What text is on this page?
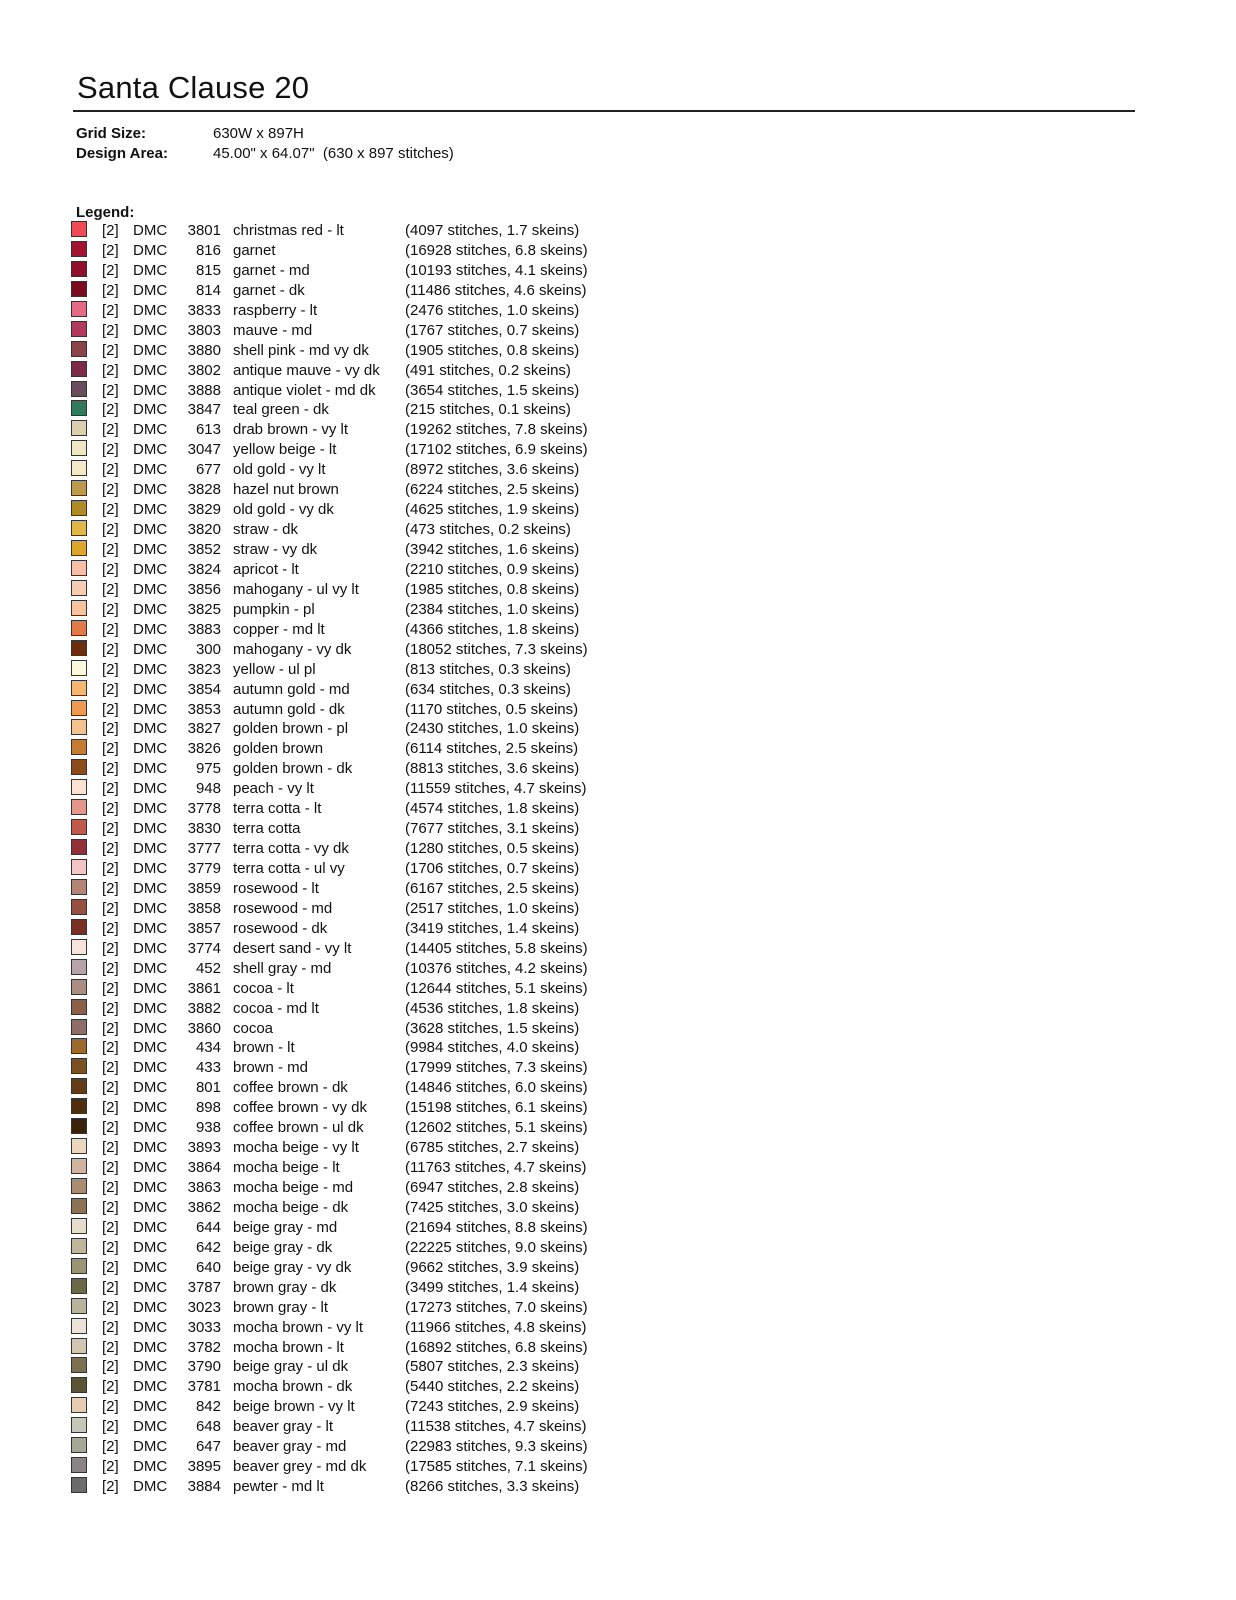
Santa Clause 20
Grid Size:	630W x 897H
Design Area:	45.00" x 64.07"  (630 x 897 stitches)
Legend:
[2] DMC	3801 christmas red - lt	(4097 stitches, 1.7 skeins)
[2] DMC	816 garnet	(16928 stitches, 6.8 skeins)
[2] DMC	815 garnet - md	(10193 stitches, 4.1 skeins)
[2] DMC	814 garnet - dk	(11486 stitches, 4.6 skeins)
[2] DMC	3833 raspberry - lt	(2476 stitches, 1.0 skeins)
[2] DMC	3803 mauve - md	(1767 stitches, 0.7 skeins)
[2] DMC	3880 shell pink - md vy dk (1905 stitches, 0.8 skeins)
[2] DMC	3802 antique mauve - vy dk (491 stitches, 0.2 skeins)
[2] DMC	3888 antique violet - md dk (3654 stitches, 1.5 skeins)
[2] DMC	3847 teal green - dk	(215 stitches, 0.1 skeins)
[2] DMC	613 drab brown - vy lt	(19262 stitches, 7.8 skeins)
[2] DMC	3047 yellow beige - lt	(17102 stitches, 6.9 skeins)
[2] DMC	677 old gold - vy lt	(8972 stitches, 3.6 skeins)
[2] DMC	3828 hazel nut brown	(6224 stitches, 2.5 skeins)
[2] DMC	3829 old gold - vy dk	(4625 stitches, 1.9 skeins)
[2] DMC	3820 straw - dk	(473 stitches, 0.2 skeins)
[2] DMC	3852 straw - vy dk	(3942 stitches, 1.6 skeins)
[2] DMC	3824 apricot - lt	(2210 stitches, 0.9 skeins)
[2] DMC	3856 mahogany - ul vy lt	(1985 stitches, 0.8 skeins)
[2] DMC	3825 pumpkin - pl	(2384 stitches, 1.0 skeins)
[2] DMC	3883 copper - md lt	(4366 stitches, 1.8 skeins)
[2] DMC	300 mahogany - vy dk	(18052 stitches, 7.3 skeins)
[2] DMC	3823 yellow - ul pl	(813 stitches, 0.3 skeins)
[2] DMC	3854 autumn gold - md	(634 stitches, 0.3 skeins)
[2] DMC	3853 autumn gold - dk	(1170 stitches, 0.5 skeins)
[2] DMC	3827 golden brown - pl	(2430 stitches, 1.0 skeins)
[2] DMC	3826 golden brown	(6114 stitches, 2.5 skeins)
[2] DMC	975 golden brown - dk	(8813 stitches, 3.6 skeins)
[2] DMC	948 peach - vy lt	(11559 stitches, 4.7 skeins)
[2] DMC	3778 terra cotta - lt	(4574 stitches, 1.8 skeins)
[2] DMC	3830 terra cotta	(7677 stitches, 3.1 skeins)
[2] DMC	3777 terra cotta - vy dk	(1280 stitches, 0.5 skeins)
[2] DMC	3779 terra cotta - ul vy	(1706 stitches, 0.7 skeins)
[2] DMC	3859 rosewood - lt	(6167 stitches, 2.5 skeins)
[2] DMC	3858 rosewood - md	(2517 stitches, 1.0 skeins)
[2] DMC	3857 rosewood - dk	(3419 stitches, 1.4 skeins)
[2] DMC	3774 desert sand - vy lt	(14405 stitches, 5.8 skeins)
[2] DMC	452 shell gray - md	(10376 stitches, 4.2 skeins)
[2] DMC	3861 cocoa - lt	(12644 stitches, 5.1 skeins)
[2] DMC	3882 cocoa - md lt	(4536 stitches, 1.8 skeins)
[2] DMC	3860 cocoa	(3628 stitches, 1.5 skeins)
[2] DMC	434 brown - lt	(9984 stitches, 4.0 skeins)
[2] DMC	433 brown - md	(17999 stitches, 7.3 skeins)
[2] DMC	801 coffee brown - dk	(14846 stitches, 6.0 skeins)
[2] DMC	898 coffee brown - vy dk	(15198 stitches, 6.1 skeins)
[2] DMC	938 coffee brown - ul dk	(12602 stitches, 5.1 skeins)
[2] DMC	3893 mocha beige - vy lt	(6785 stitches, 2.7 skeins)
[2] DMC	3864 mocha beige - lt	(11763 stitches, 4.7 skeins)
[2] DMC	3863 mocha beige - md	(6947 stitches, 2.8 skeins)
[2] DMC	3862 mocha beige - dk	(7425 stitches, 3.0 skeins)
[2] DMC	644 beige gray - md	(21694 stitches, 8.8 skeins)
[2] DMC	642 beige gray - dk	(22225 stitches, 9.0 skeins)
[2] DMC	640 beige gray - vy dk	(9662 stitches, 3.9 skeins)
[2] DMC	3787 brown gray - dk	(3499 stitches, 1.4 skeins)
[2] DMC	3023 brown gray - lt	(17273 stitches, 7.0 skeins)
[2] DMC	3033 mocha brown - vy lt	(11966 stitches, 4.8 skeins)
[2] DMC	3782 mocha brown - lt	(16892 stitches, 6.8 skeins)
[2] DMC	3790 beige gray - ul dk	(5807 stitches, 2.3 skeins)
[2] DMC	3781 mocha brown - dk	(5440 stitches, 2.2 skeins)
[2] DMC	842 beige brown - vy lt	(7243 stitches, 2.9 skeins)
[2] DMC	648 beaver gray - lt	(11538 stitches, 4.7 skeins)
[2] DMC	647 beaver gray - md	(22983 stitches, 9.3 skeins)
[2] DMC	3895 beaver grey - md dk	(17585 stitches, 7.1 skeins)
[2] DMC	3884 pewter - md lt	(8266 stitches, 3.3 skeins)
